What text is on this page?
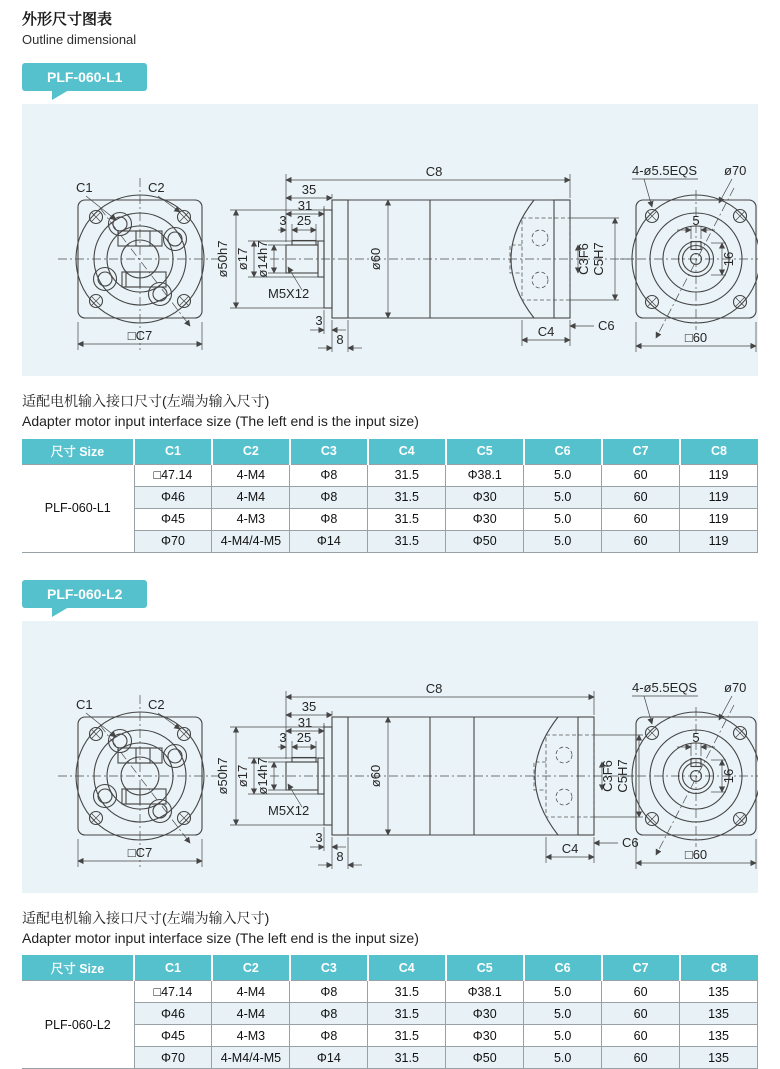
外形尺寸图表
Outline dimensional
PLF-060-L1
C1	C2
□C7
ø60	C3F6 C5H7
C4	C6
3 25
31
35
C8
ø50h7 ø17 ø14h7
M5X12
3
8
5
16
4-ø5.5EQS ø70
□60
适配电机输入接口尺寸(左端为输入尺寸)
Adapter motor input interface size (The left end is the input size)
尺寸 Size	C1	C2	C3	C4	C5	C6	C7	C8
PLF-060-L1	□47.14	4-M4	Φ8	31.5	Φ38.1	5.0	60	119
	Φ46	4-M4	Φ8	31.5	Φ30	5.0	60	119
	Φ45	4-M3	Φ8	31.5	Φ30	5.0	60	119
	Φ70	4-M4/4-M5	Φ14	31.5	Φ50	5.0	60	119
PLF-060-L2
C1	C2
□C7
ø60	C3F6 C5H7
C4	C6
3 25
31
35
C8
ø50h7 ø17 ø14h7
M5X12
3
8
5
16
4-ø5.5EQS ø70
□60
适配电机输入接口尺寸(左端为输入尺寸)
Adapter motor input interface size (The left end is the input size)
尺寸 Size	C1	C2	C3	C4	C5	C6	C7	C8
PLF-060-L2	□47.14	4-M4	Φ8	31.5	Φ38.1	5.0	60	135
	Φ46	4-M4	Φ8	31.5	Φ30	5.0	60	135
	Φ45	4-M3	Φ8	31.5	Φ30	5.0	60	135
	Φ70	4-M4/4-M5	Φ14	31.5	Φ50	5.0	60	135
